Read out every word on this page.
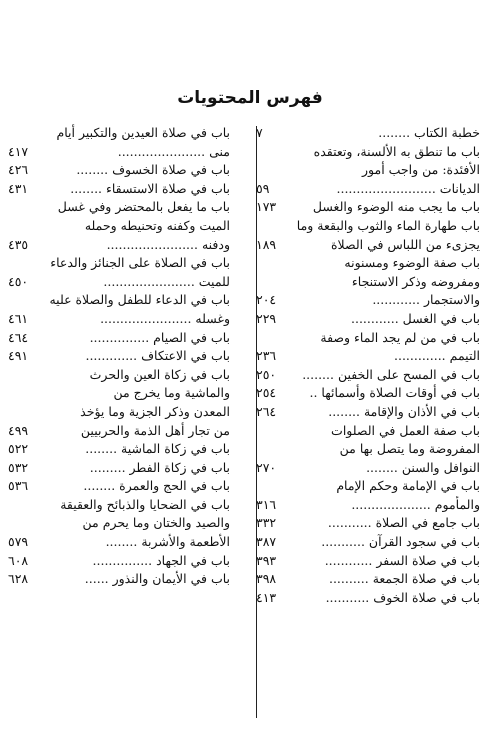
فهرس المحتويات
خطبة الكتاب ........
٧
باب ما تنطق به الألسنة، وتعتقده
الأفئدة: من واجب أمور
الديانات .........................
٥٩
باب ما يجب منه الوضوء والغسل
١٧٣
باب طهارة الماء والثوب والبقعة وما
يجزىء من اللباس في الصلاة
١٨٩
باب صفة الوضوء ومسنونه
ومفروضه وذكر الاستنجاء
والاستجمار ............
٢٠٤
باب في الغسل ............
٢٢٩
باب في من لم يجد الماء وصفة
التيمم .............
٢٣٦
باب في المسح على الخفين ........
٢٥٠
باب في أوقات الصلاة وأسمائها ..
٢٥٤
باب في الأذان والإقامة ........
٢٦٤
باب صفة العمل في الصلوات
المفروضة وما يتصل بها من
النوافل والسنن ........
٢٧٠
باب في الإمامة وحكم الإمام
والمأموم ....................
٣١٦
باب جامع في الصلاة ...........
٣٣٢
باب في سجود القرآن ...........
٣٨٧
باب في صلاة السفر ............
٣٩٣
باب في صلاة الجمعة ..........
٣٩٨
باب في صلاة الخوف ...........
٤١٣
باب في صلاة العيدين والتكبير أيام
منى ......................
٤١٧
باب في صلاة الخسوف ........
٤٢٦
باب في صلاة الاستسقاء ........
٤٣١
باب ما يفعل بالمحتضر وفي غسل
الميت وكفنه وتحنيطه وحمله
ودفنه .......................
٤٣٥
باب في الصلاة على الجنائز والدعاء
للميت .......................
٤٥٠
باب في الدعاء للطفل والصلاة عليه
وغسله .......................
٤٦١
باب في الصيام ...............
٤٦٤
باب في الاعتكاف .............
٤٩١
باب في زكاة العين والحرث
والماشية وما يخرج من
المعدن وذكر الجزية وما يؤخذ
من تجار أهل الذمة والحربيين
٤٩٩
باب في زكاة الماشية ........
٥٢٢
باب في زكاة الفطر .........
٥٣٢
باب في الحج والعمرة ........
٥٣٦
باب في الضحايا والذبائح والعقيقة
والصيد والختان وما يحرم من
الأطعمة والأشربة ........
٥٧٩
باب في الجهاد ...............
٦٠٨
باب في الأيمان والنذور ......
٦٢٨
